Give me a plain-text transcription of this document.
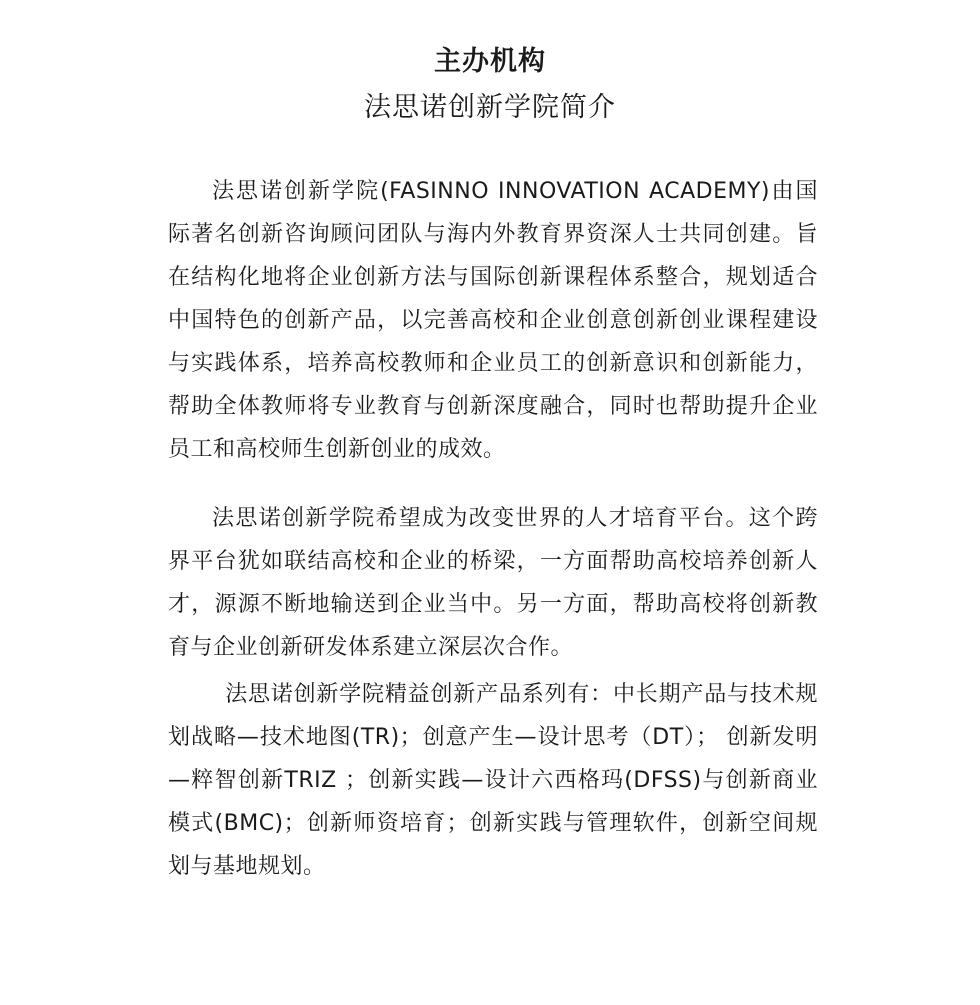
主办机构
法思诺创新学院简介

法思诺创新学院(FASINNO INNOVATION ACADEMY)由国际著名创新咨询顾问团队与海内外教育界资深人士共同创建。旨在结构化地将企业创新方法与国际创新课程体系整合，规划适合中国特色的创新产品，以完善高校和企业创意创新创业课程建设与实践体系，培养高校教师和企业员工的创新意识和创新能力，帮助全体教师将专业教育与创新深度融合，同时也帮助提升企业员工和高校师生创新创业的成效。

法思诺创新学院希望成为改变世界的人才培育平台。这个跨界平台犹如联结高校和企业的桥梁，一方面帮助高校培养创新人才，源源不断地输送到企业当中。另一方面，帮助高校将创新教育与企业创新研发体系建立深层次合作。

法思诺创新学院精益创新产品系列有：中长期产品与技术规划战略—技术地图(TR)；创意产生—设计思考（DT）； 创新发明—粹智创新TRIZ ；创新实践—设计六西格玛(DFSS)与创新商业模式(BMC)；创新师资培育；创新实践与管理软件，创新空间规划与基地规划。
